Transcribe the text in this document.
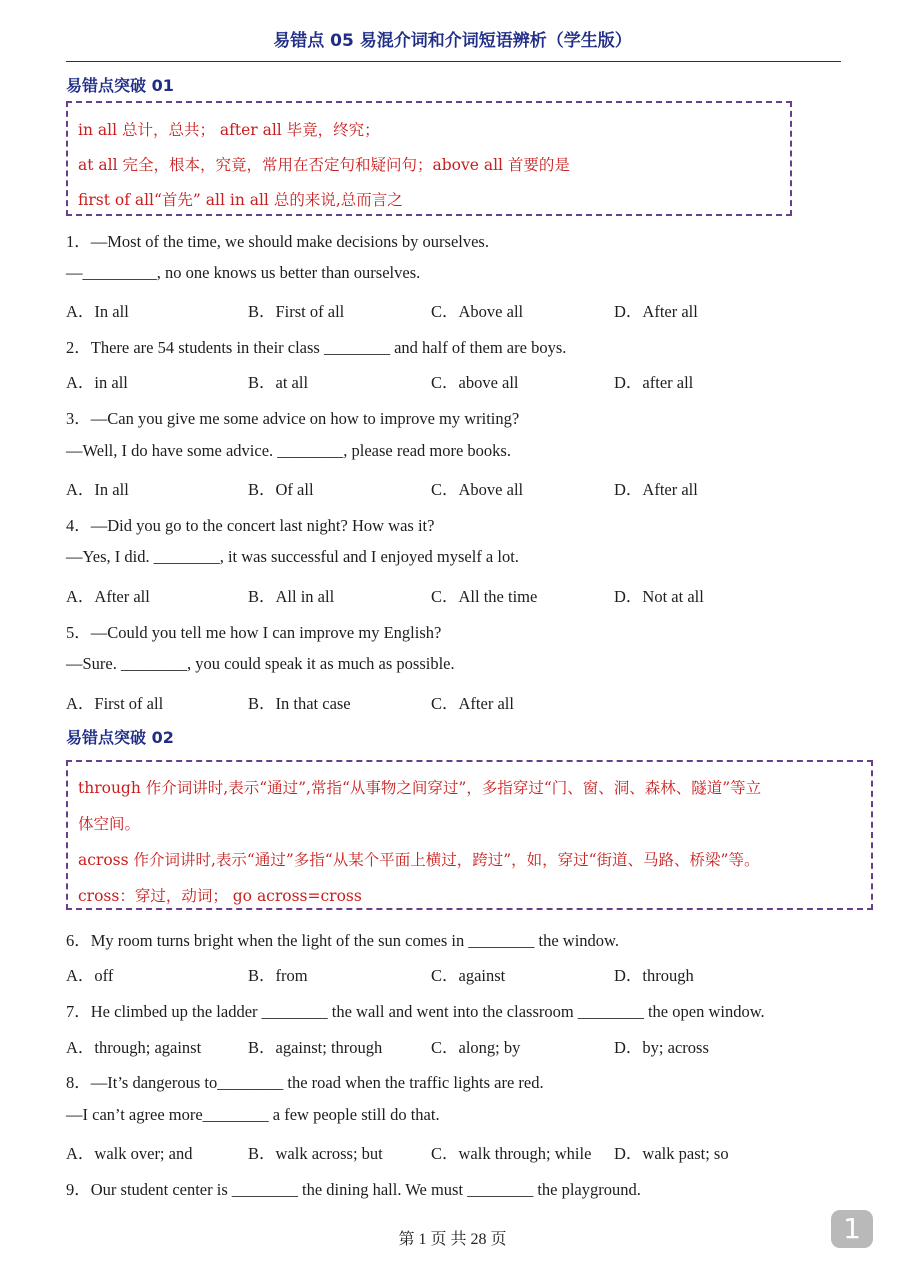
易错点 05 易混介词和介词短语辨析（学生版）
易错点突破 01
in all 总计，总共； after all 毕竟，终究；
at all 完全，根本，究竟，常用在否定句和疑问句；above all 首要的是
first of all“首先” all in all 总的来说,总而言之
1．—Most of the time, we should make decisions by ourselves.
—_________, no one knows us better than ourselves.
A．In all	B．First of all	C．Above all	D．After all
2．There are 54 students in their class ________ and half of them are boys.
A．in all	B．at all	C．above all	D．after all
3．—Can you give me some advice on how to improve my writing?
—Well, I do have some advice. ________, please read more books.
A．In all	B．Of all	C．Above all	D．After all
4．—Did you go to the concert last night? How was it?
—Yes, I did. ________, it was successful and I enjoyed myself a lot.
A．After all	B．All in all	C．All the time	D．Not at all
5．—Could you tell me how I can improve my English?
—Sure. ________, you could speak it as much as possible.
A．First of all	B．In that case	C．After all
易错点突破 02
through 作介词讲时,表示“通过”,常指“从事物之间穿过”，多指穿过“门、窗、洞、森林、隧道”等立
体空间。
across 作介词讲时,表示“通过”多指“从某个平面上横过，跨过”，如，穿过“街道、马路、桥梁”等。
cross：穿过，动词； go across=cross
6．My room turns bright when the light of the sun comes in ________ the window.
A．off	B．from	C．against	D．through
7．He climbed up the ladder ________ the wall and went into the classroom ________ the open window.
A．through; against	B．against; through	C．along; by	D．by; across
8．—It’s dangerous to________ the road when the traffic lights are red.
—I can’t agree more________ a few people still do that.
A．walk over; and	B．walk across; but	C．walk through; while D．walk past; so
9．Our student center is ________ the dining hall. We must ________ the playground.
第 1 页 共 28 页	1
